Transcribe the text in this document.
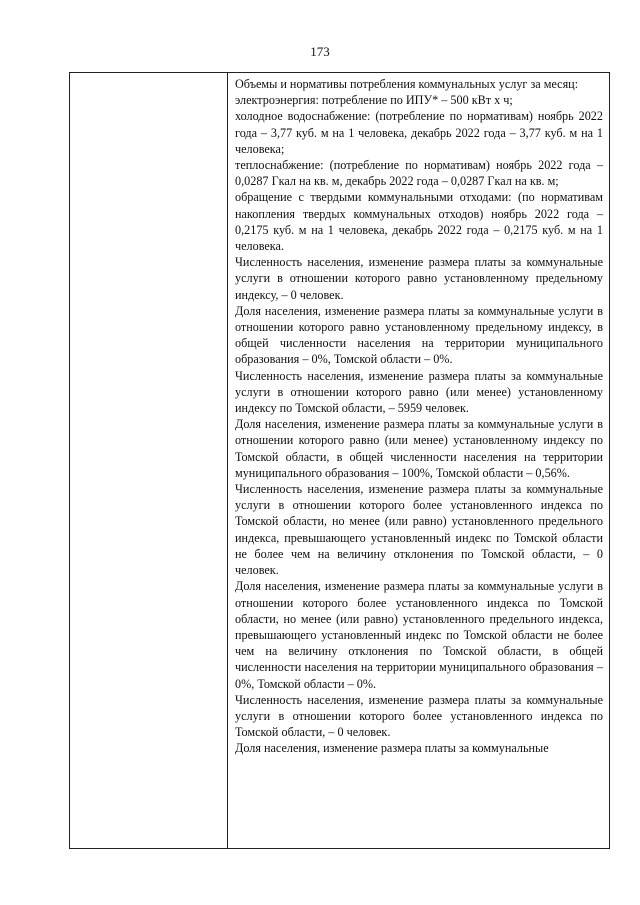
173

Объемы и нормативы потребления коммунальных услуг за месяц:

электроэнергия: потребление по ИПУ* – 500 кВт х ч;

холодное водоснабжение: (потребление по нормативам) ноябрь 2022 года – 3,77 куб. м на 1 человека, декабрь 2022 года – 3,77 куб. м на 1 человека;

теплоснабжение: (потребление по нормативам) ноябрь 2022 года – 0,0287 Гкал на кв. м, декабрь 2022 года – 0,0287 Гкал на кв. м;

обращение с твердыми коммунальными отходами: (по нормативам накопления твердых коммунальных отходов) ноябрь 2022 года – 0,2175 куб. м на 1 человека, декабрь 2022 года – 0,2175 куб. м на 1 человека.

Численность населения, изменение размера платы за коммунальные услуги в отношении которого равно установленному предельному индексу, – 0 человек.

Доля населения, изменение размера платы за коммунальные услуги в отношении которого равно установленному предельному индексу, в общей численности населения на территории муниципального образования – 0%, Томской области – 0%.

Численность населения, изменение размера платы за коммунальные услуги в отношении которого равно (или менее) установленному индексу по Томской области, – 5959 человек.

Доля населения, изменение размера платы за коммунальные услуги в отношении которого равно (или менее) установленному индексу по Томской области, в общей численности населения на территории муниципального образования – 100%, Томской области – 0,56%.

Численность населения, изменение размера платы за коммунальные услуги в отношении которого более установленного индекса по Томской области, но менее (или равно) установленного предельного индекса, превышающего установленный индекс по Томской области не более чем на величину отклонения по Томской области, – 0 человек.

Доля населения, изменение размера платы за коммунальные услуги в отношении которого более установленного индекса по Томской области, но менее (или равно) установленного предельного индекса, превышающего установленный индекс по Томской области не более чем на величину отклонения по Томской области, в общей численности населения на территории муниципального образования – 0%, Томской области – 0%.

Численность населения, изменение размера платы за коммунальные услуги в отношении которого более установленного индекса по Томской области, – 0 человек.

Доля населения, изменение размера платы за коммунальные
